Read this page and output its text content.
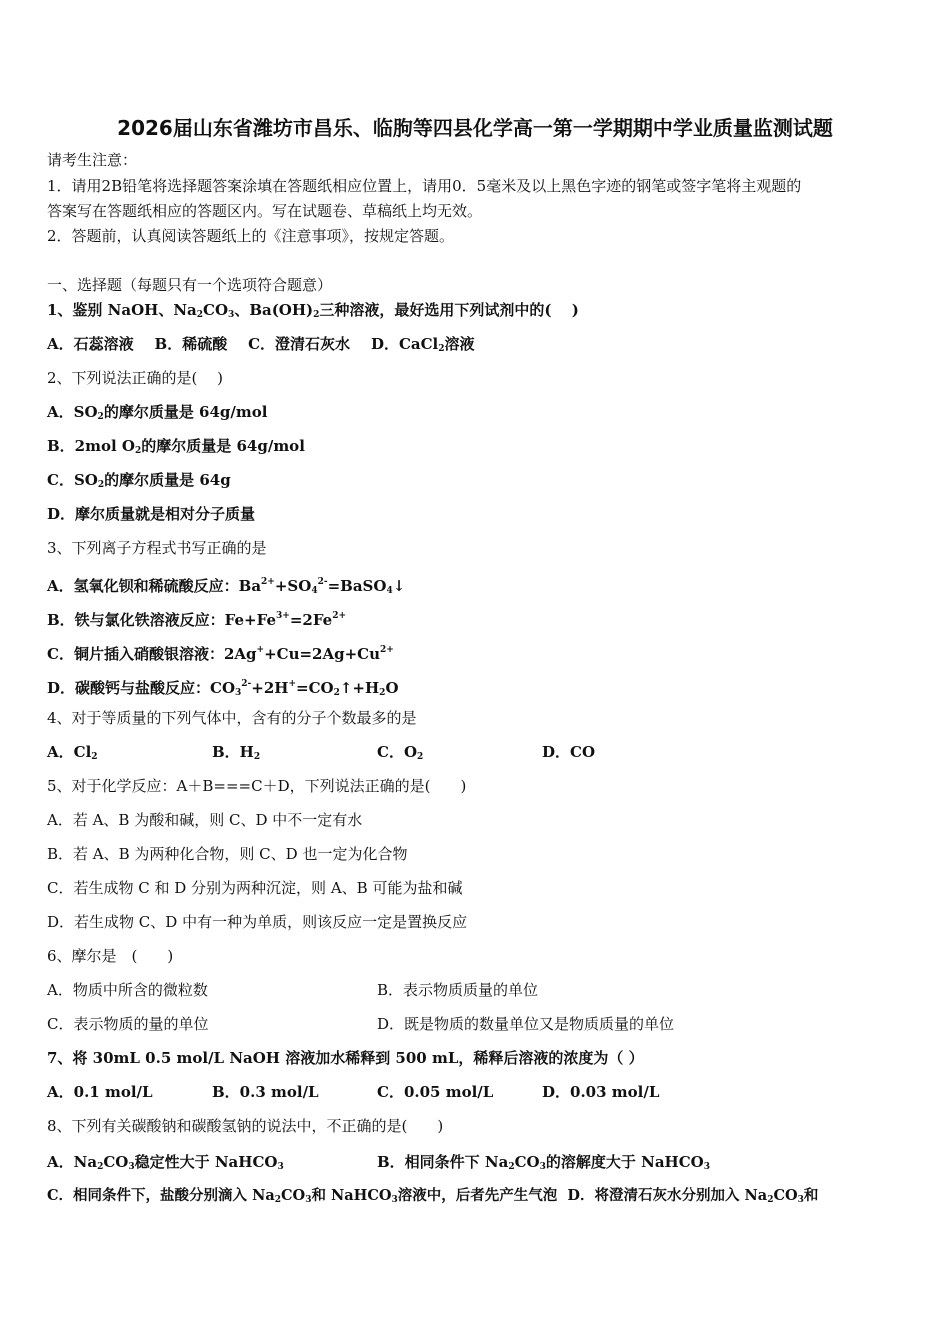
2026届山东省潍坊市昌乐、临朐等四县化学高一第一学期期中学业质量监测试题
请考生注意：
1．请用2B铅笔将选择题答案涂填在答题纸相应位置上，请用0．5毫米及以上黑色字迹的钢笔或签字笔将主观题的
答案写在答题纸相应的答题区内。写在试题卷、草稿纸上均无效。
2．答题前，认真阅读答题纸上的《注意事项》，按规定答题。
一、选择题（每题只有一个选项符合题意）
1、鉴别 NaOH、$Na_2CO_3$、$Ba(OH)_2$三种溶液，最好选用下列试剂中的(　 )
A．石蕊溶液 B．稀硫酸 C．澄清石灰水 D．CaCl$_2$溶液
2、下列说法正确的是(　 )
A．$SO_2$的摩尔质量是 64g/mol
B．2mol $O_2$的摩尔质量是 64g/mol
C．$SO_2$的摩尔质量是 64g
D．摩尔质量就是相对分子质量
3、下列离子方程式书写正确的是
A．氢氧化钡和稀硫酸反应：$Ba^{2+}+SO_4^{2-}=BaSO_4↓$
B．铁与氯化铁溶液反应：$Fe+Fe^{3+}=2Fe^{2+}$
C．铜片插入硝酸银溶液：$2Ag^++Cu=2Ag+Cu^{2+}$
D．碳酸钙与盐酸反应：$CO_3^{2-}+2H^+=CO_2↑+H_2O$
4、对于等质量的下列气体中，含有的分子个数最多的是
A．$Cl_2$	B．$H_2$	C．$O_2$	D．CO
5、对于化学反应：A＋B===C＋D，下列说法正确的是(　　)
A．若 A、B 为酸和碱，则 C、D 中不一定有水
B．若 A、B 为两种化合物，则 C、D 也一定为化合物
C．若生成物 C 和 D 分别为两种沉淀，则 A、B 可能为盐和碱
D．若生成物 C、D 中有一种为单质，则该反应一定是置换反应
6、摩尔是　(　　)
A．物质中所含的微粒数	B．表示物质质量的单位
C．表示物质的量的单位	D．既是物质的数量单位又是物质质量的单位
7、将 30mL 0.5 mol/L NaOH 溶液加水稀释到 500 mL，稀释后溶液的浓度为（ ）
A．0.1 mol/L	B．0.3 mol/L	C．0.05 mol/L	D．0.03 mol/L
8、下列有关碳酸钠和碳酸氢钠的说法中，不正确的是(　　)
A．$Na_2CO_3$稳定性大于 NaHCO$_3$	B．相同条件下 $Na_2CO_3$的溶解度大于 NaHCO$_3$
C．相同条件下，盐酸分别滴入 $Na_2CO_3$和 NaHCO$_3$溶液中，后者先产生气泡 D．将澄清石灰水分别加入 $Na_2CO_3$和
